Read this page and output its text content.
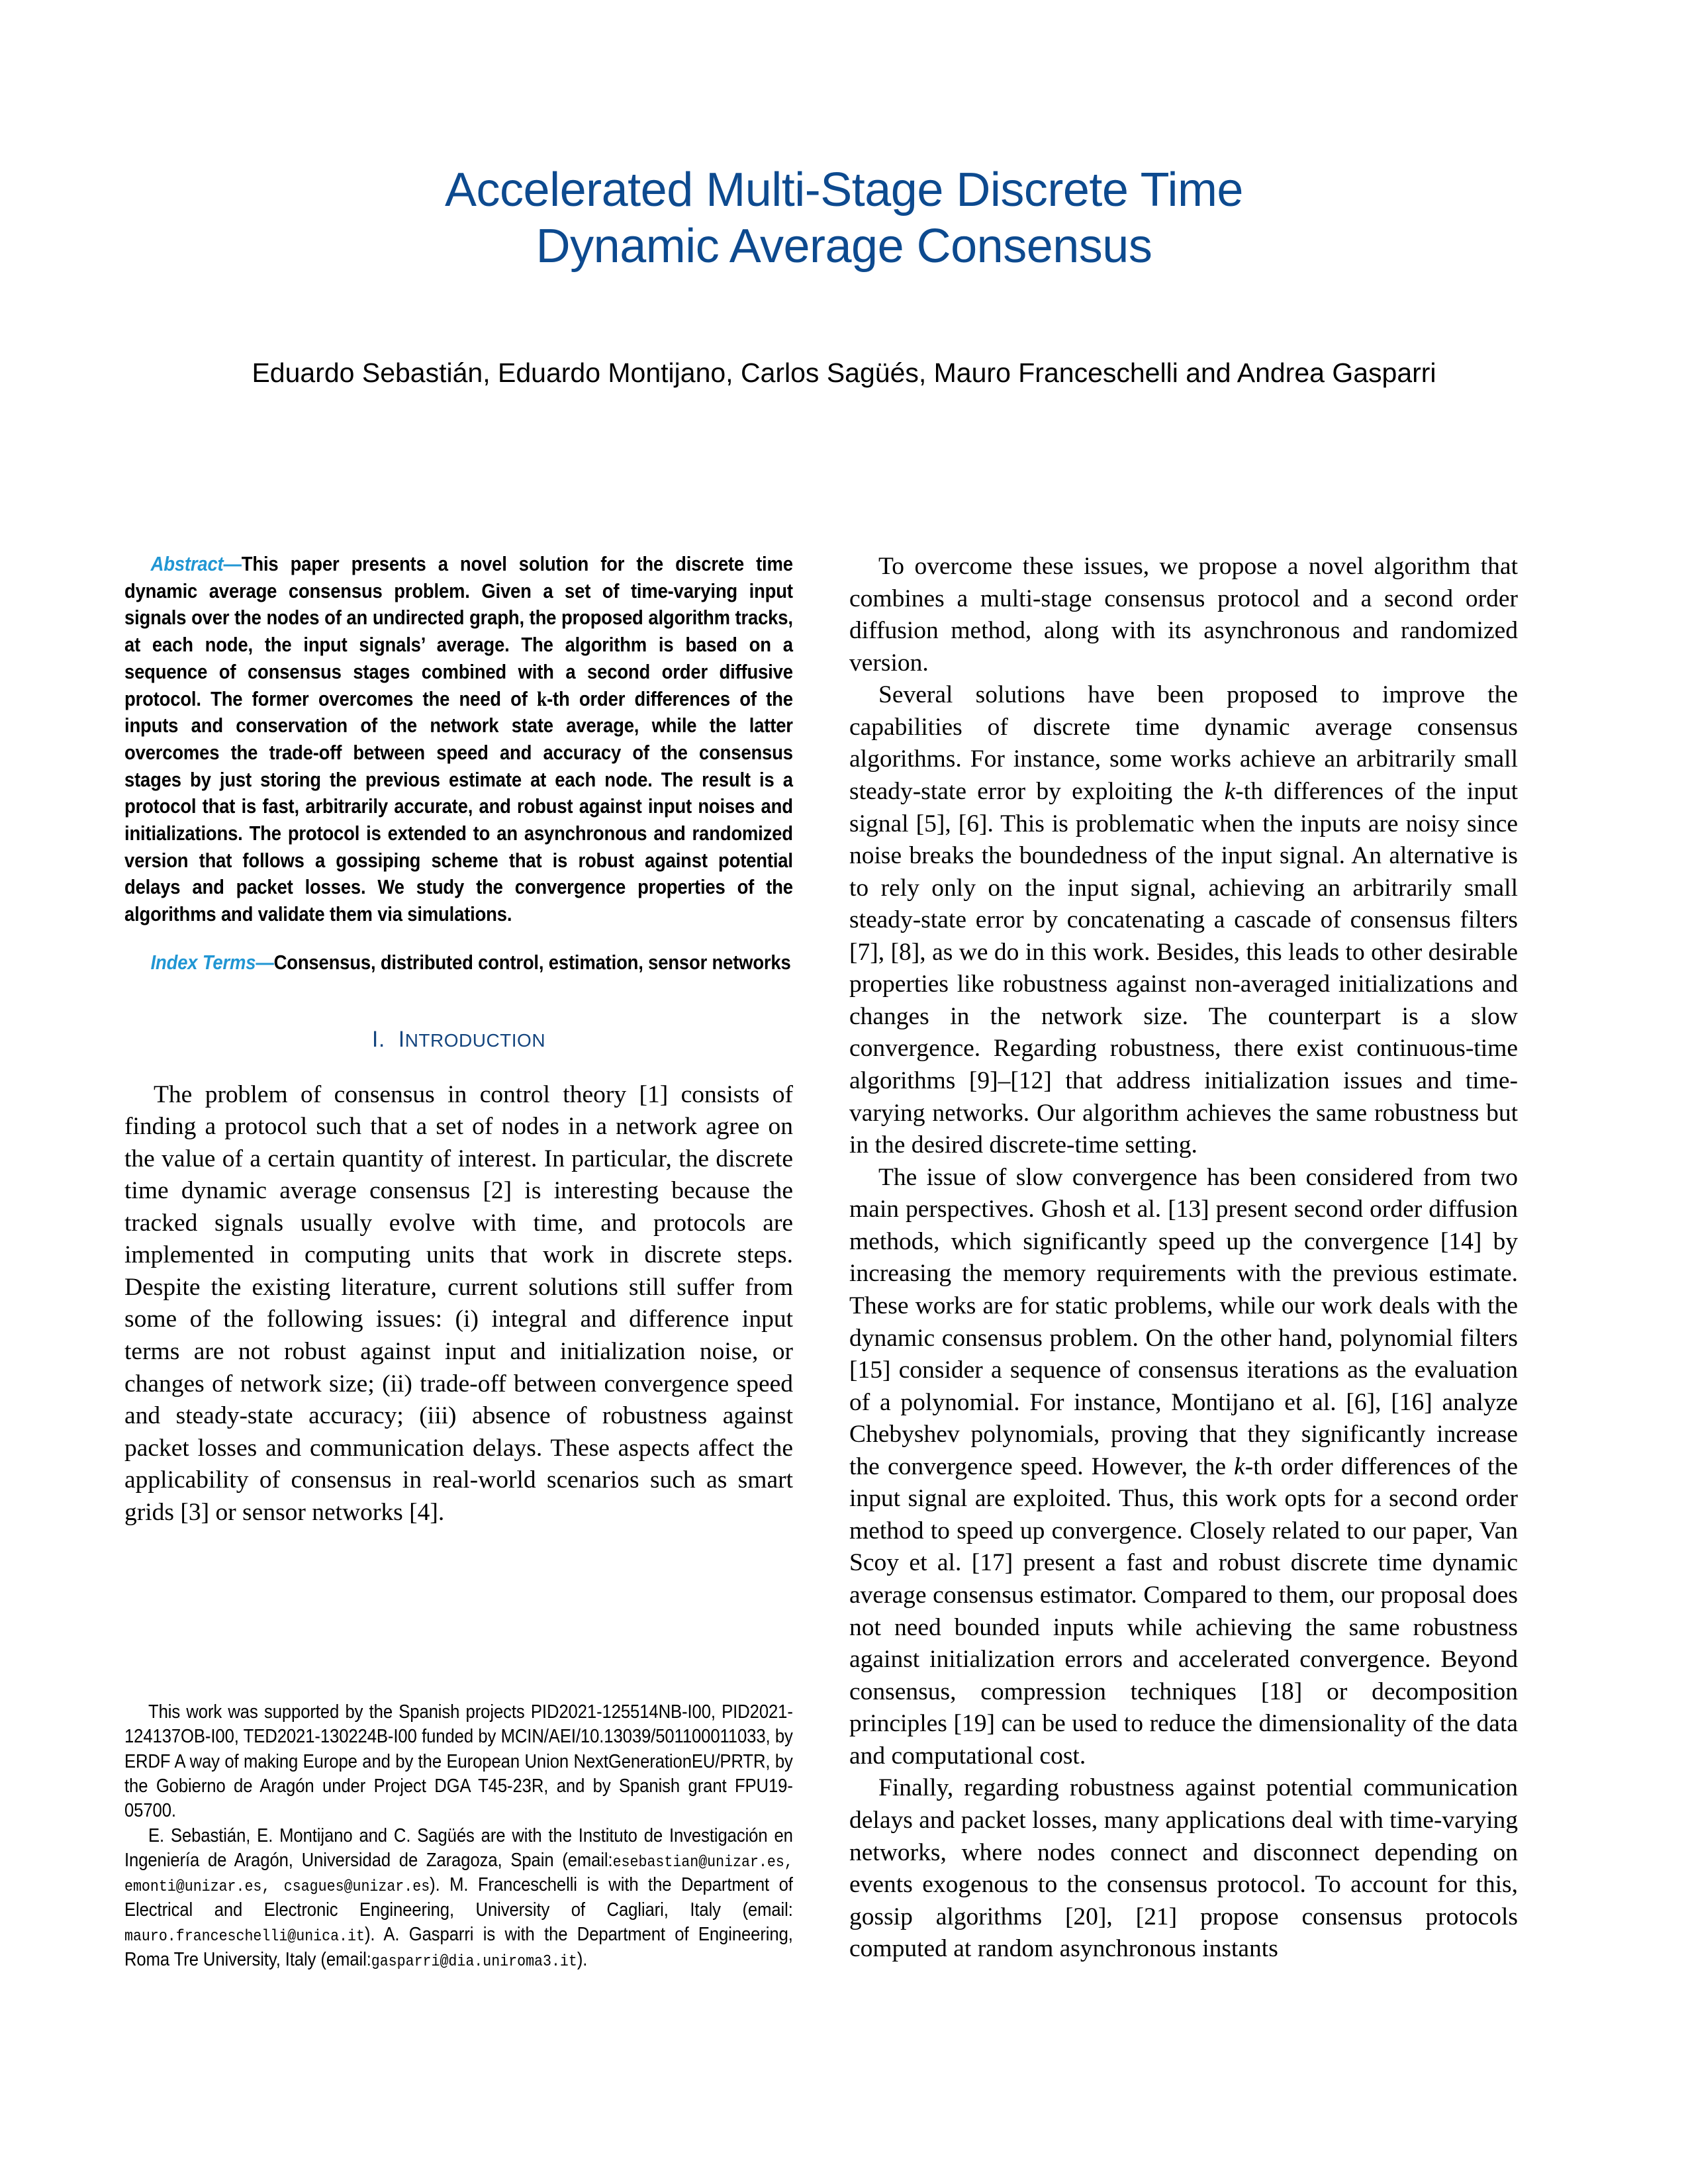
Accelerated Multi-Stage Discrete Time
Dynamic Average Consensus
Eduardo Sebastián, Eduardo Montijano, Carlos Sagüés, Mauro Franceschelli and Andrea Gasparri

Abstract—This paper presents a novel solution for the discrete time dynamic average consensus problem. Given a set of time-varying input signals over the nodes of an undirected graph, the proposed algorithm tracks, at each node, the input signals’ average. The algorithm is based on a sequence of consensus stages combined with a second order diffusive protocol. The former overcomes the need of k-th order differences of the inputs and conservation of the network state average, while the latter overcomes the trade-off between speed and accuracy of the consensus stages by just storing the previous estimate at each node. The result is a protocol that is fast, arbitrarily accurate, and robust against input noises and initializations. The protocol is extended to an asynchronous and randomized version that follows a gossiping scheme that is robust against potential delays and packet losses. We study the convergence properties of the algorithms and validate them via simulations.

Index Terms—Consensus, distributed control, estimation, sensor networks

I. INTRODUCTION

The problem of consensus in control theory [1] consists of finding a protocol such that a set of nodes in a network agree on the value of a certain quantity of interest. In particular, the discrete time dynamic average consensus [2] is interesting because the tracked signals usually evolve with time, and protocols are implemented in computing units that work in discrete steps. Despite the existing literature, current solutions still suffer from some of the following issues: (i) integral and difference input terms are not robust against input and initialization noise, or changes of network size; (ii) trade-off between convergence speed and steady-state accuracy; (iii) absence of robustness against packet losses and communication delays. These aspects affect the applicability of consensus in real-world scenarios such as smart grids [3] or sensor networks [4].

This work was supported by the Spanish projects PID2021-125514NB-I00, PID2021-124137OB-I00, TED2021-130224B-I00 funded by MCIN/AEI/10.13039/501100011033, by ERDF A way of making Europe and by the European Union NextGenerationEU/PRTR, by the Gobierno de Aragón under Project DGA T45-23R, and by Spanish grant FPU19-05700.

E. Sebastián, E. Montijano and C. Sagüés are with the Instituto de Investigación en Ingeniería de Aragón, Universidad de Zaragoza, Spain (email:esebastian@unizar.es, emonti@unizar.es, csagues@unizar.es). M. Franceschelli is with the Department of Electrical and Electronic Engineering, University of Cagliari, Italy (email: mauro.franceschelli@unica.it). A. Gasparri is with the Department of Engineering, Roma Tre University, Italy (email:gasparri@dia.uniroma3.it).

To overcome these issues, we propose a novel algorithm that combines a multi-stage consensus protocol and a second order diffusion method, along with its asynchronous and randomized version.

Several solutions have been proposed to improve the capabilities of discrete time dynamic average consensus algorithms. For instance, some works achieve an arbitrarily small steady-state error by exploiting the k-th differences of the input signal [5], [6]. This is problematic when the inputs are noisy since noise breaks the boundedness of the input signal. An alternative is to rely only on the input signal, achieving an arbitrarily small steady-state error by concatenating a cascade of consensus filters [7], [8], as we do in this work. Besides, this leads to other desirable properties like robustness against non-averaged initializations and changes in the network size. The counterpart is a slow convergence. Regarding robustness, there exist continuous-time algorithms [9]–[12] that address initialization issues and time-varying networks. Our algorithm achieves the same robustness but in the desired discrete-time setting.

The issue of slow convergence has been considered from two main perspectives. Ghosh et al. [13] present second order diffusion methods, which significantly speed up the convergence [14] by increasing the memory requirements with the previous estimate. These works are for static problems, while our work deals with the dynamic consensus problem. On the other hand, polynomial filters [15] consider a sequence of consensus iterations as the evaluation of a polynomial. For instance, Montijano et al. [6], [16] analyze Chebyshev polynomials, proving that they significantly increase the convergence speed. However, the k-th order differences of the input signal are exploited. Thus, this work opts for a second order method to speed up convergence. Closely related to our paper, Van Scoy et al. [17] present a fast and robust discrete time dynamic average consensus estimator. Compared to them, our proposal does not need bounded inputs while achieving the same robustness against initialization errors and accelerated convergence. Beyond consensus, compression techniques [18] or decomposition principles [19] can be used to reduce the dimensionality of the data and computational cost.

Finally, regarding robustness against potential communication delays and packet losses, many applications deal with time-varying networks, where nodes connect and disconnect depending on events exogenous to the consensus protocol. To account for this, gossip algorithms [20], [21] propose consensus protocols computed at random asynchronous instants
